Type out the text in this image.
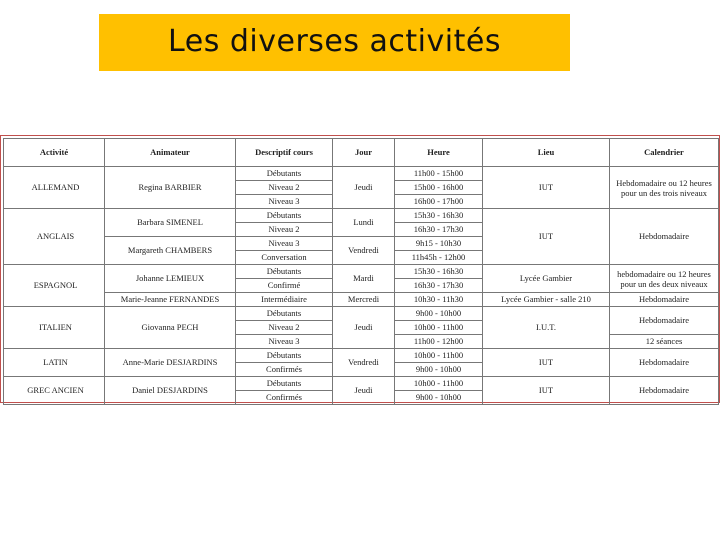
Les diverses activités
Activité	Animateur	Descriptif cours	Jour	Heure	Lieu	Calendrier
ALLEMAND	Regina BARBIER	Débutants	Jeudi	11h00 - 15h00	IUT	Hebdomadaire ou 12 heures pour un des trois niveaux
		Niveau 2		15h00 - 16h00		
		Niveau 3		16h00 - 17h00		
ANGLAIS	Barbara SIMENEL	Débutants	Lundi	15h30 - 16h30	IUT	Hebdomadaire
		Niveau 2		16h30 - 17h30		
	Margareth CHAMBERS	Niveau 3	Vendredi	9h15 - 10h30		
		Conversation		11h45h - 12h00		
ESPAGNOL	Johanne LEMIEUX	Débutants	Mardi	15h30 - 16h30	Lycée Gambier	hebdomadaire ou 12 heures pour un des deux niveaux
		Confirmé		16h30 - 17h30		
	Marie-Jeanne FERNANDES	Intermédiaire	Mercredi	10h30 - 11h30	Lycée Gambier - salle 210	Hebdomadaire
ITALIEN	Giovanna PECH	Débutants	Jeudi	9h00 - 10h00	I.U.T.	Hebdomadaire
		Niveau 2		10h00 - 11h00		
		Niveau 3		11h00 - 12h00		12 séances
LATIN	Anne-Marie DESJARDINS	Débutants	Vendredi	10h00 - 11h00	IUT	Hebdomadaire
		Confirmés		9h00 - 10h00		
GREC ANCIEN	Daniel DESJARDINS	Débutants	Jeudi	10h00 - 11h00	IUT	Hebdomadaire
		Confirmés		9h00 - 10h00		
